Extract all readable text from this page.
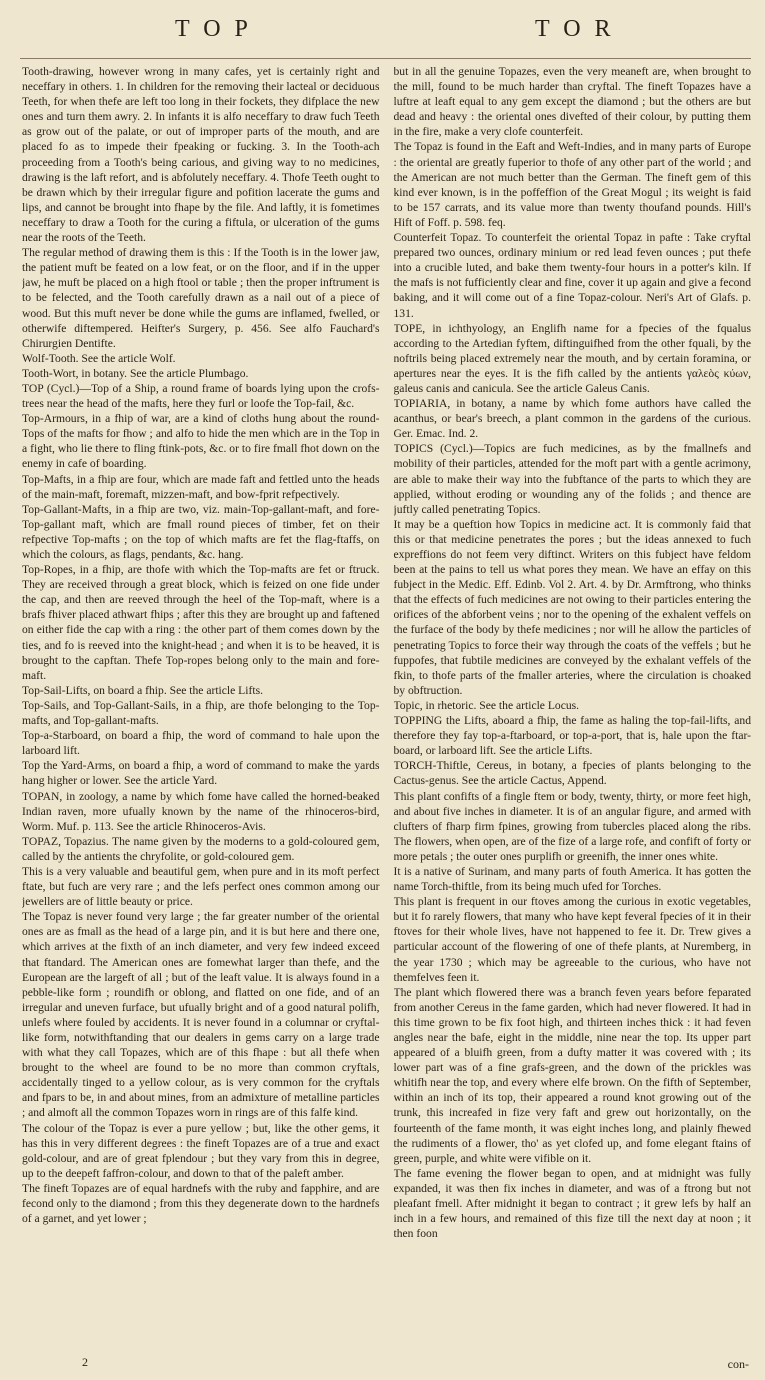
TOP	TOR

Tooth-drawing, however wrong in many cafes, yet is certainly right and neceffary in others. 1. In children for the removing their lacteal or deciduous Teeth, for when thefe are left too long in their fockets, they difplace the new ones and turn them awry. 2. In infants it is alfo neceffary to draw fuch Teeth as grow out of the palate, or out of improper parts of the mouth, and are placed fo as to impede their fpeaking or fucking. 3. In the Tooth-ach proceeding from a Tooth's being carious, and giving way to no medicines, drawing is the laft refort, and is abfolutely neceffary. 4. Thofe Teeth ought to be drawn which by their irregular figure and pofition lacerate the gums and lips, and cannot be brought into fhape by the file. And laftly, it is fometimes neceffary to draw a Tooth for the curing a fiftula, or ulceration of the gums near the roots of the Teeth.

The regular method of drawing them is this : If the Tooth is in the lower jaw, the patient muft be feated on a low feat, or on the floor, and if in the upper jaw, he muft be placed on a high ftool or table ; then the proper inftrument is to be felected, and the Tooth carefully drawn as a nail out of a piece of wood. But this muft never be done while the gums are inflamed, fwelled, or otherwife diftempered. Heifter's Surgery, p. 456. See alfo Fauchard's Chirurgien Dentifte.

Wolf-Tooth. See the article Wolf.

Tooth-Wort, in botany. See the article Plumbago.

TOP (Cycl.)—Top of a Ship, a round frame of boards lying upon the crofs-trees near the head of the mafts, here they furl or loofe the Top-fail, &c.

Top-Armours, in a fhip of war, are a kind of cloths hung about the round-Tops of the mafts for fhow ; and alfo to hide the men which are in the Top in a fight, who lie there to fling ftink-pots, &c. or to fire fmall fhot down on the enemy in cafe of boarding.

Top-Mafts, in a fhip are four, which are made faft and fettled unto the heads of the main-maft, foremaft, mizzen-maft, and bow-fprit refpectively.

Top-Gallant-Mafts, in a fhip are two, viz. main-Top-gallant-maft, and fore-Top-gallant maft, which are fmall round pieces of timber, fet on their refpective Top-mafts ; on the top of which mafts are fet the flag-ftaffs, on which the colours, as flags, pendants, &c. hang.

Top-Ropes, in a fhip, are thofe with which the Top-mafts are fet or ftruck. They are received through a great block, which is feized on one fide under the cap, and then are reeved through the heel of the Top-maft, where is a brafs fhiver placed athwart fhips ; after this they are brought up and faftened on either fide the cap with a ring : the other part of them comes down by the ties, and fo is reeved into the knight-head ; and when it is to be heaved, it is brought to the capftan. Thefe Top-ropes belong only to the main and fore-maft.

Top-Sail-Lifts, on board a fhip. See the article Lifts.

Top-Sails, and Top-Gallant-Sails, in a fhip, are thofe belonging to the Top-mafts, and Top-gallant-mafts.

Top-a-Starboard, on board a fhip, the word of command to hale upon the larboard lift.

Top the Yard-Arms, on board a fhip, a word of command to make the yards hang higher or lower. See the article Yard.

TOPAN, in zoology, a name by which fome have called the horned-beaked Indian raven, more ufually known by the name of the rhinoceros-bird, Worm. Muf. p. 113. See the article Rhinoceros-Avis.

TOPAZ, Topazius. The name given by the moderns to a gold-coloured gem, called by the antients the chryfolite, or gold-coloured gem.

This is a very valuable and beautiful gem, when pure and in its moft perfect ftate, but fuch are very rare ; and the lefs perfect ones common among our jewellers are of little beauty or price.

The Topaz is never found very large ; the far greater number of the oriental ones are as fmall as the head of a large pin, and it is but here and there one, which arrives at the fixth of an inch diameter, and very few indeed exceed that ftandard. The American ones are fomewhat larger than thefe, and the European are the largeft of all ; but of the leaft value. It is always found in a pebble-like form ; roundifh or oblong, and flatted on one fide, and of an irregular and uneven furface, but ufually bright and of a good natural polifh, unlefs where fouled by accidents. It is never found in a columnar or cryftal-like form, notwithftanding that our dealers in gems carry on a large trade with what they call Topazes, which are of this fhape : but all thefe when brought to the wheel are found to be no more than common cryftals, accidentally tinged to a yellow colour, as is very common for the cryftals and fpars to be, in and about mines, from an admixture of metalline particles ; and almoft all the common Topazes worn in rings are of this falfe kind.

The colour of the Topaz is ever a pure yellow ; but, like the other gems, it has this in very different degrees : the fineft Topazes are of a true and exact gold-colour, and are of great fplendour ; but they vary from this in degree, up to the deepeft faffron-colour, and down to that of the paleft amber.

The fineft Topazes are of equal hardnefs with the ruby and fapphire, and are fecond only to the diamond ; from this they degenerate down to the hardnefs of a garnet, and yet lower ;

but in all the genuine Topazes, even the very meaneft are, when brought to the mill, found to be much harder than cryftal. The fineft Topazes have a luftre at leaft equal to any gem except the diamond ; but the others are but dead and heavy : the oriental ones divefted of their colour, by putting them in the fire, make a very clofe counterfeit.

The Topaz is found in the Eaft and Weft-Indies, and in many parts of Europe : the oriental are greatly fuperior to thofe of any other part of the world ; and the American are not much better than the German. The fineft gem of this kind ever known, is in the poffeffion of the Great Mogul ; its weight is faid to be 157 carrats, and its value more than twenty thoufand pounds. Hill's Hift of Foff. p. 598. feq.

Counterfeit Topaz. To counterfeit the oriental Topaz in pafte : Take cryftal prepared two ounces, ordinary minium or red lead feven ounces ; put thefe into a crucible luted, and bake them twenty-four hours in a potter's kiln. If the mafs is not fufficiently clear and fine, cover it up again and give a fecond baking, and it will come out of a fine Topaz-colour. Neri's Art of Glafs. p. 131.

TOPE, in ichthyology, an Englifh name for a fpecies of the fqualus according to the Artedian fyftem, diftinguifhed from the other fquali, by the noftrils being placed extremely near the mouth, and by certain foramina, or apertures near the eyes. It is the fifh called by the antients γαλεὸς κύων, galeus canis and canicula. See the article Galeus Canis.

TOPIARIA, in botany, a name by which fome authors have called the acanthus, or bear's breech, a plant common in the gardens of the curious. Ger. Emac. Ind. 2.

TOPICS (Cycl.)—Topics are fuch medicines, as by the fmallnefs and mobility of their particles, attended for the moft part with a gentle acrimony, are able to make their way into the fubftance of the parts to which they are applied, without eroding or wounding any of the folids ; and thence are juftly called penetrating Topics.

It may be a queftion how Topics in medicine act. It is commonly faid that this or that medicine penetrates the pores ; but the ideas annexed to fuch expreffions do not feem very diftinct. Writers on this fubject have feldom been at the pains to tell us what pores they mean. We have an effay on this fubject in the Medic. Eff. Edinb. Vol 2. Art. 4. by Dr. Armftrong, who thinks that the effects of fuch medicines are not owing to their particles entering the orifices of the abforbent veins ; nor to the opening of the exhalent veffels on the furface of the body by thefe medicines ; nor will he allow the particles of penetrating Topics to force their way through the coats of the veffels ; but he fuppofes, that fubtile medicines are conveyed by the exhalant veffels of the fkin, to thofe parts of the fmaller arteries, where the circulation is choaked by obftruction.

Topic, in rhetoric. See the article Locus.

TOPPING the Lifts, aboard a fhip, the fame as haling the top-fail-lifts, and therefore they fay top-a-ftarboard, or top-a-port, that is, hale upon the ftar-board, or larboard lift. See the article Lifts.

TORCH-Thiftle, Cereus, in botany, a fpecies of plants belonging to the Cactus-genus. See the article Cactus, Append.

This plant confifts of a fingle ftem or body, twenty, thirty, or more feet high, and about five inches in diameter. It is of an angular figure, and armed with clufters of fharp firm fpines, growing from tubercles placed along the ribs. The flowers, when open, are of the fize of a large rofe, and confift of forty or more petals ; the outer ones purplifh or greenifh, the inner ones white.

It is a native of Surinam, and many parts of fouth America. It has gotten the name Torch-thiftle, from its being much ufed for Torches.

This plant is frequent in our ftoves among the curious in exotic vegetables, but it fo rarely flowers, that many who have kept feveral fpecies of it in their ftoves for their whole lives, have not happened to fee it. Dr. Trew gives a particular account of the flowering of one of thefe plants, at Nuremberg, in the year 1730 ; which may be agreeable to the curious, who have not themfelves feen it.

The plant which flowered there was a branch feven years before feparated from another Cereus in the fame garden, which had never flowered. It had in this time grown to be fix foot high, and thirteen inches thick : it had feven angles near the bafe, eight in the middle, nine near the top. Its upper part appeared of a bluifh green, from a dufty matter it was covered with ; its lower part was of a fine grafs-green, and the down of the prickles was whitifh near the top, and every where elfe brown. On the fifth of September, within an inch of its top, their appeared a round knot growing out of the trunk, this increafed in fize very faft and grew out horizontally, on the fourteenth of the fame month, it was eight inches long, and plainly fhewed the rudiments of a flower, tho' as yet clofed up, and fome elegant ftains of green, purple, and white were vifible on it.

The fame evening the flower began to open, and at midnight was fully expanded, it was then fix inches in diameter, and was of a ftrong but not pleafant fmell. After midnight it began to contract ; it grew lefs by half an inch in a few hours, and remained of this fize till the next day at noon ; it then foon

2	con-
